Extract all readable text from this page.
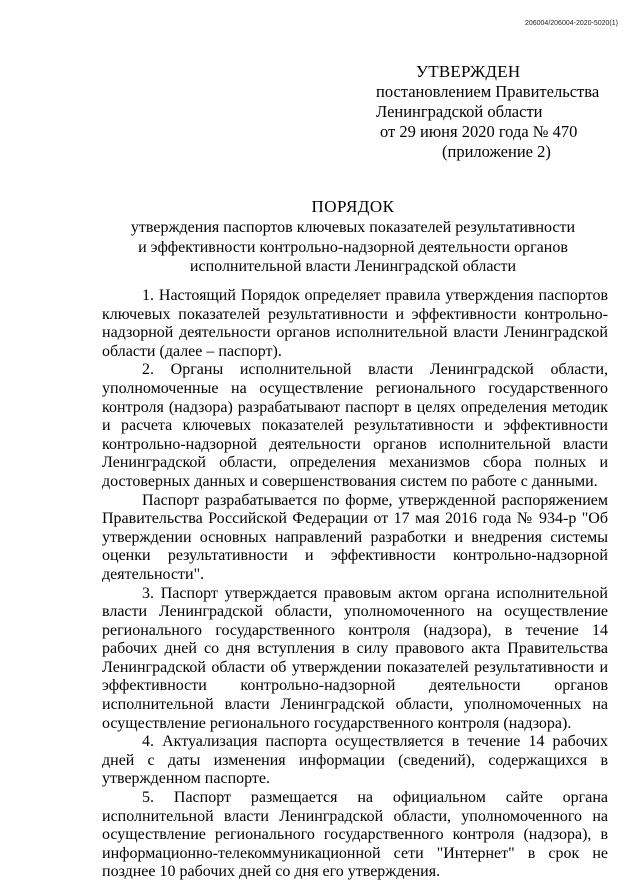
206004/206004-2020-5020(1)
УТВЕРЖДЕН
постановлением Правительства
Ленинградской области
от 29 июня 2020 года № 470
(приложение 2)
ПОРЯДОК
утверждения паспортов ключевых показателей результативности
и эффективности контрольно-надзорной деятельности органов
исполнительной власти Ленинградской области

1. Настоящий Порядок определяет правила утверждения паспортов ключевых показателей результативности и эффективности контрольно-надзорной деятельности органов исполнительной власти Ленинградской области (далее – паспорт).

2. Органы исполнительной власти Ленинградской области, уполномоченные на осуществление регионального государственного контроля (надзора) разрабатывают паспорт в целях определения методик и расчета ключевых показателей результативности и эффективности контрольно-надзорной деятельности органов исполнительной власти Ленинградской области, определения механизмов сбора полных и достоверных данных и совершенствования систем по работе с данными.

Паспорт разрабатывается по форме, утвержденной распоряжением Правительства Российской Федерации от 17 мая 2016 года № 934-р "Об утверждении основных направлений разработки и внедрения системы оценки результативности и эффективности контрольно-надзорной деятельности".

3. Паспорт утверждается правовым актом органа исполнительной власти Ленинградской области, уполномоченного на осуществление регионального государственного контроля (надзора), в течение 14 рабочих дней со дня вступления в силу правового акта Правительства Ленинградской области об утверждении показателей результативности и эффективности контрольно-надзорной деятельности органов исполнительной власти Ленинградской области, уполномоченных на осуществление регионального государственного контроля (надзора).

4. Актуализация паспорта осуществляется в течение 14 рабочих дней с даты изменения информации (сведений), содержащихся в утвержденном паспорте.

5. Паспорт размещается на официальном сайте органа исполнительной власти Ленинградской области, уполномоченного на осуществление регионального государственного контроля (надзора), в информационно-телекоммуникационной сети "Интернет" в срок не позднее 10 рабочих дней со дня его утверждения.
